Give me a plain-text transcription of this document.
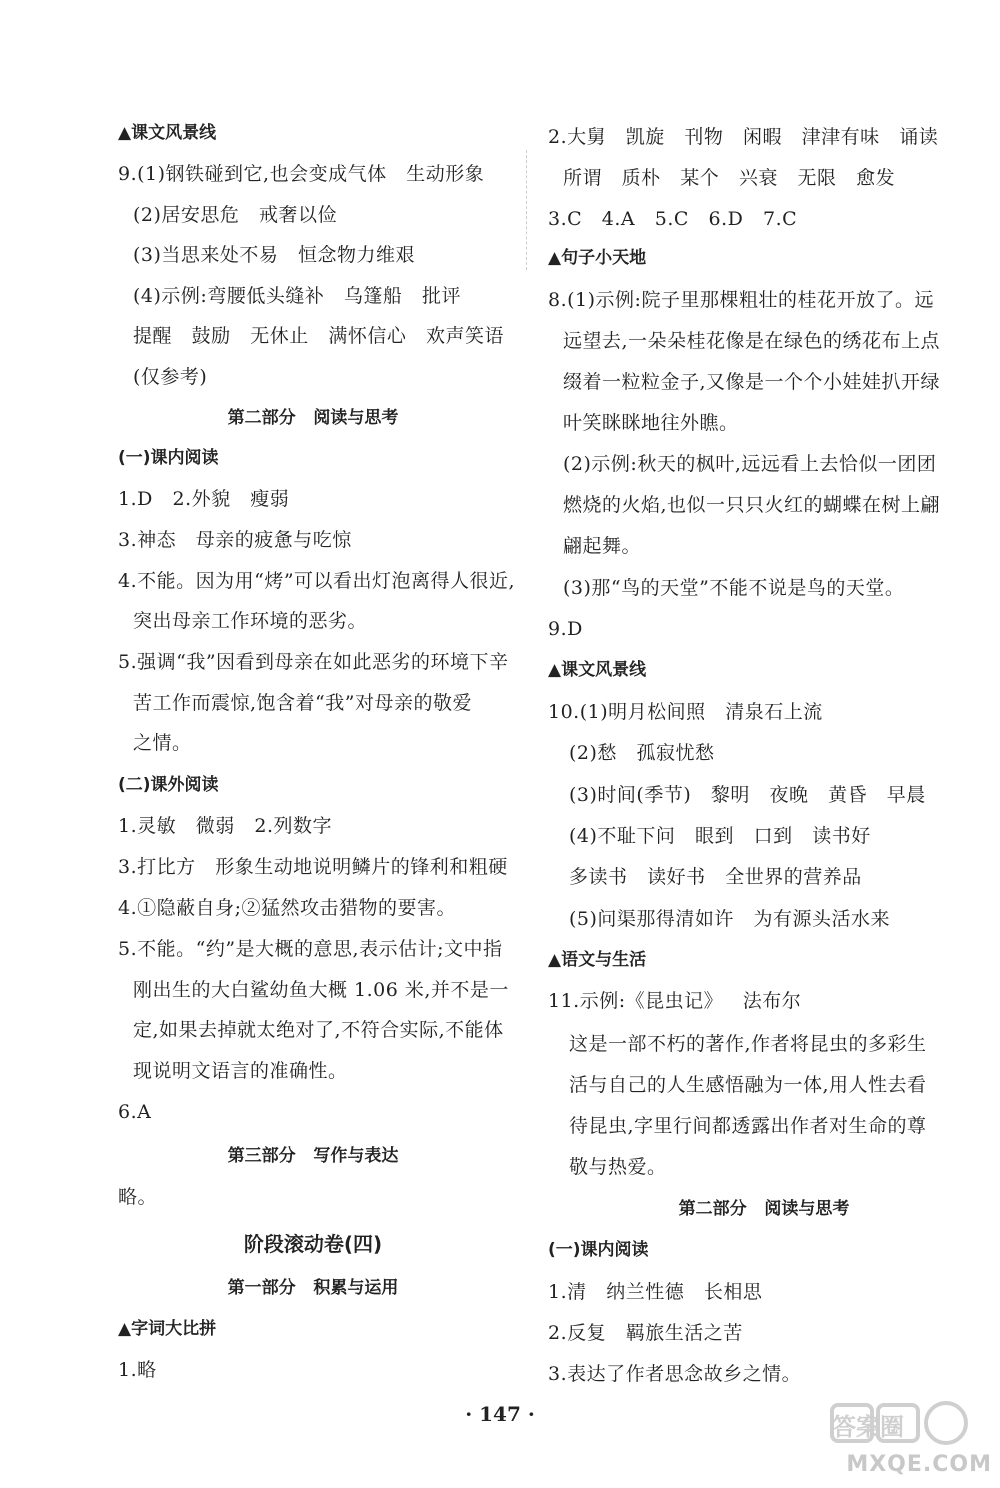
▲课文风景线
9.(1)钢铁碰到它,也会变成气体   生动形象
(2)居安思危   戒奢以俭
(3)当思来处不易   恒念物力维艰
(4)示例:弯腰低头缝补   乌篷船   批评
提醒   鼓励   无休止   满怀信心   欢声笑语
(仅参考)
第二部分   阅读与思考
(一)课内阅读
1.D   2.外貌   瘦弱
3.神态   母亲的疲惫与吃惊
4.不能。因为用“烤”可以看出灯泡离得人很近,
突出母亲工作环境的恶劣。
5.强调“我”因看到母亲在如此恶劣的环境下辛
苦工作而震惊,饱含着“我”对母亲的敬爱
之情。
(二)课外阅读
1.灵敏   微弱   2.列数字
3.打比方   形象生动地说明鳞片的锋利和粗硬
4.①隐蔽自身;②猛然攻击猎物的要害。
5.不能。“约”是大概的意思,表示估计;文中指
刚出生的大白鲨幼鱼大概 1.06 米,并不是一
定,如果去掉就太绝对了,不符合实际,不能体
现说明文语言的准确性。
6.A
第三部分   写作与表达
略。
阶段滚动卷(四)
第一部分   积累与运用
▲字词大比拼
1.略
2.大舅   凯旋   刊物   闲暇   津津有味   诵读
所谓   质朴   某个   兴衰   无限   愈发
3.C   4.A   5.C   6.D   7.C
▲句子小天地
8.(1)示例:院子里那棵粗壮的桂花开放了。远
远望去,一朵朵桂花像是在绿色的绣花布上点
缀着一粒粒金子,又像是一个个小娃娃扒开绿
叶笑眯眯地往外瞧。
(2)示例:秋天的枫叶,远远看上去恰似一团团
燃烧的火焰,也似一只只火红的蝴蝶在树上翩
翩起舞。
(3)那“鸟的天堂”不能不说是鸟的天堂。
9.D
▲课文风景线
10.(1)明月松间照   清泉石上流
(2)愁   孤寂忧愁
(3)时间(季节)   黎明   夜晚   黄昏   早晨
(4)不耻下问   眼到   口到   读书好
多读书   读好书   全世界的营养品
(5)问渠那得清如许   为有源头活水来
▲语文与生活
11.示例:《昆虫记》   法布尔
这是一部不朽的著作,作者将昆虫的多彩生
活与自己的人生感悟融为一体,用人性去看
待昆虫,字里行间都透露出作者对生命的尊
敬与热爱。
第二部分   阅读与思考
(一)课内阅读
1.清   纳兰性德   长相思
2.反复   羁旅生活之苦
3.表达了作者思念故乡之情。
· 147 ·	答案圈
MXQE.COM
